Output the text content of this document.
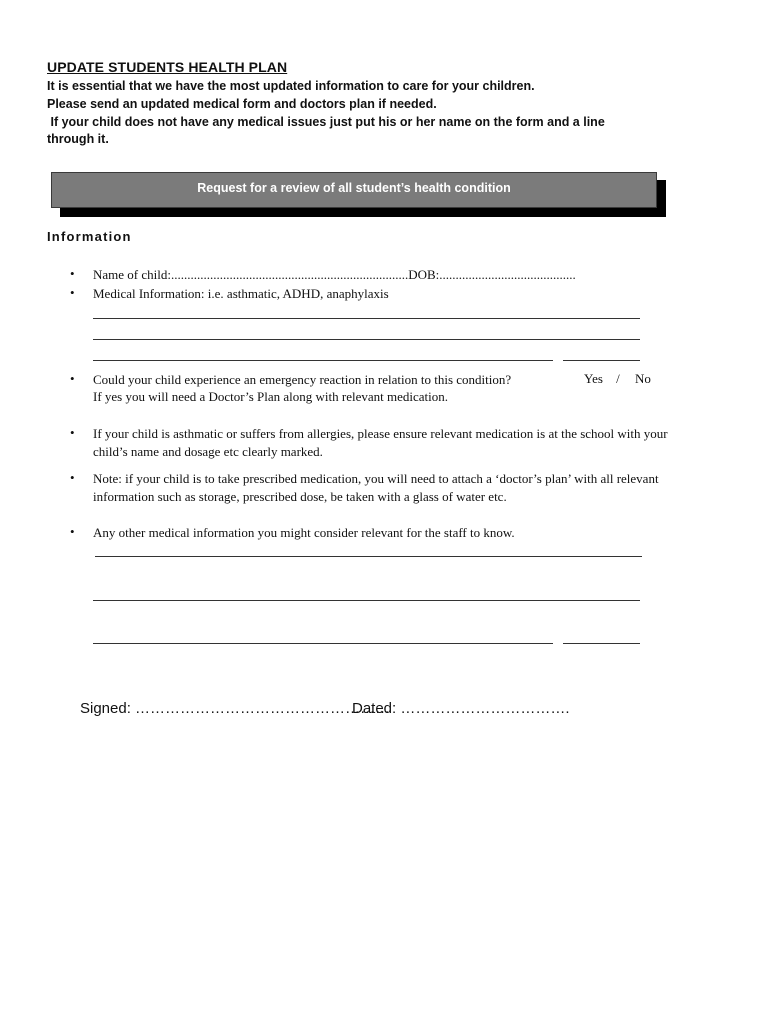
UPDATE STUDENTS HEALTH PLAN
It is essential that we have the most updated information to care for your children.
Please send an updated medical form and doctors plan if needed.
If your child does not have any medical issues just put his or her name on the form and a line
through it.
Request for a review of all student’s health condition
Information
• Name of child:.........................................................................DOB:..........................................
• Medical Information: i.e. asthmatic, ADHD, anaphylaxis
• Could your child experience an emergency reaction in relation to this condition?	Yes / No
If yes you will need a Doctor’s Plan along with relevant medication.
• If your child is asthmatic or suffers from allergies, please ensure relevant medication is at the school with your
child’s name and dosage etc clearly marked.
• Note: if your child is to take prescribed medication, you will need to attach a ‘doctor’s plan’ with all relevant
information such as storage, prescribed dose, be taken with a glass of water etc.
• Any other medical information you might consider relevant for the staff to know.
Signed: ……………………………………………
Dated: …………………………….
